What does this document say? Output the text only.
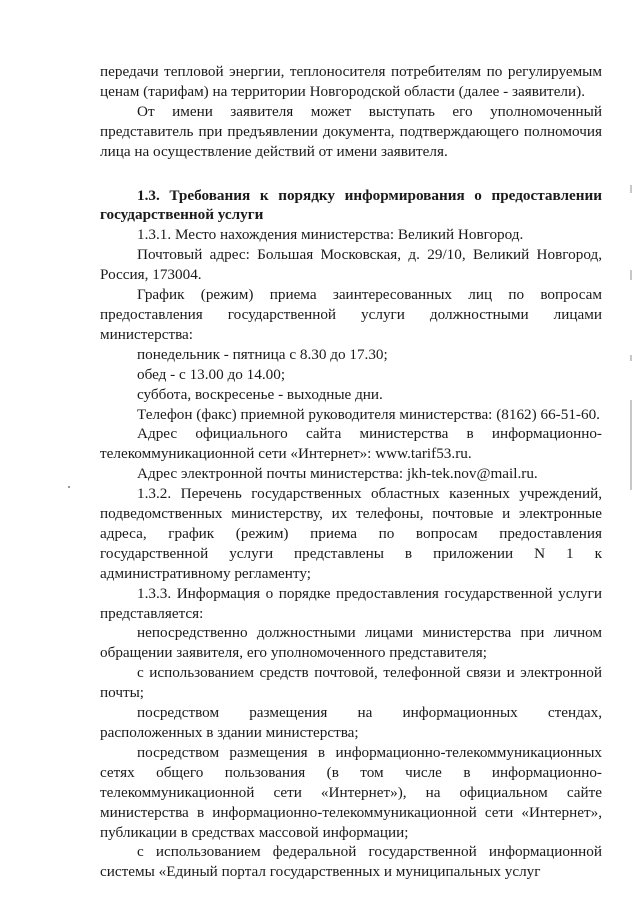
передачи тепловой энергии, теплоносителя потребителям по регулируемым ценам (тарифам) на территории Новгородской области (далее - заявители).

От имени заявителя может выступать его уполномоченный представитель при предъявлении документа, подтверждающего полномочия лица на осуществление действий от имени заявителя.

1.3. Требования к порядку информирования о предоставлении государственной услуги

1.3.1. Место нахождения министерства: Великий Новгород.

Почтовый адрес: Большая Московская, д. 29/10, Великий Новгород, Россия, 173004.

График (режим) приема заинтересованных лиц по вопросам предоставления государственной услуги должностными лицами министерства:

понедельник - пятница с 8.30 до 17.30;

обед - с 13.00 до 14.00;

суббота, воскресенье - выходные дни.

Телефон (факс) приемной руководителя министерства: (8162) 66-51-60.

Адрес официального сайта министерства в информационно-телекоммуникационной сети «Интернет»: www.tarif53.ru.

Адрес электронной почты министерства: jkh-tek.nov@mail.ru.

1.3.2. Перечень государственных областных казенных учреждений, подведомственных министерству, их телефоны, почтовые и электронные адреса, график (режим) приема по вопросам предоставления государственной услуги представлены в приложении N 1 к административному регламенту;

1.3.3. Информация о порядке предоставления государственной услуги представляется:

непосредственно должностными лицами министерства при личном обращении заявителя, его уполномоченного представителя;

с использованием средств почтовой, телефонной связи и электронной почты;

посредством размещения на информационных стендах, расположенных в здании министерства;

посредством размещения в информационно-телекоммуникационных сетях общего пользования (в том числе в информационно-телекоммуникационной сети «Интернет»), на официальном сайте министерства в информационно-телекоммуникационной сети «Интернет», публикации в средствах массовой информации;

с использованием федеральной государственной информационной системы «Единый портал государственных и муниципальных услуг
